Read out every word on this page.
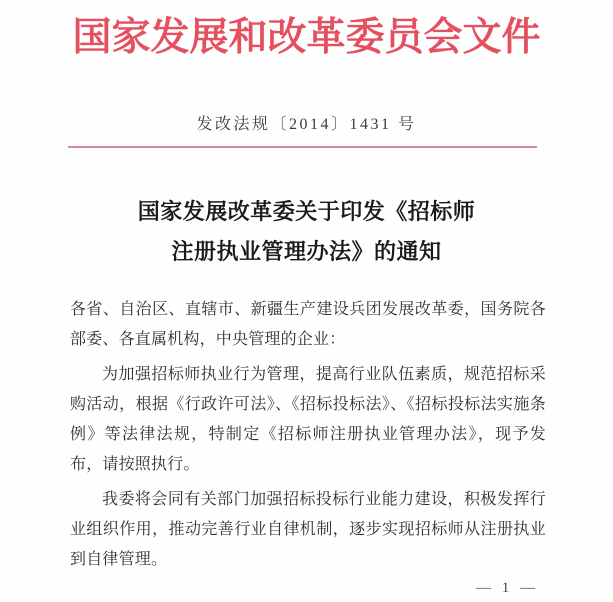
国家发展和改革委员会文件
发改法规〔2014〕1431 号
国家发展改革委关于印发《招标师
注册执业管理办法》的通知

各省、自治区、直辖市、新疆生产建设兵团发展改革委，国务院各部委、各直属机构，中央管理的企业：

为加强招标师执业行为管理，提高行业队伍素质，规范招标采购活动，根据《行政许可法》、《招标投标法》、《招标投标法实施条例》等法律法规，特制定《招标师注册执业管理办法》，现予发布，请按照执行。

我委将会同有关部门加强招标投标行业能力建设，积极发挥行业组织作用，推动完善行业自律机制，逐步实现招标师从注册执业到自律管理。

— 1 —
